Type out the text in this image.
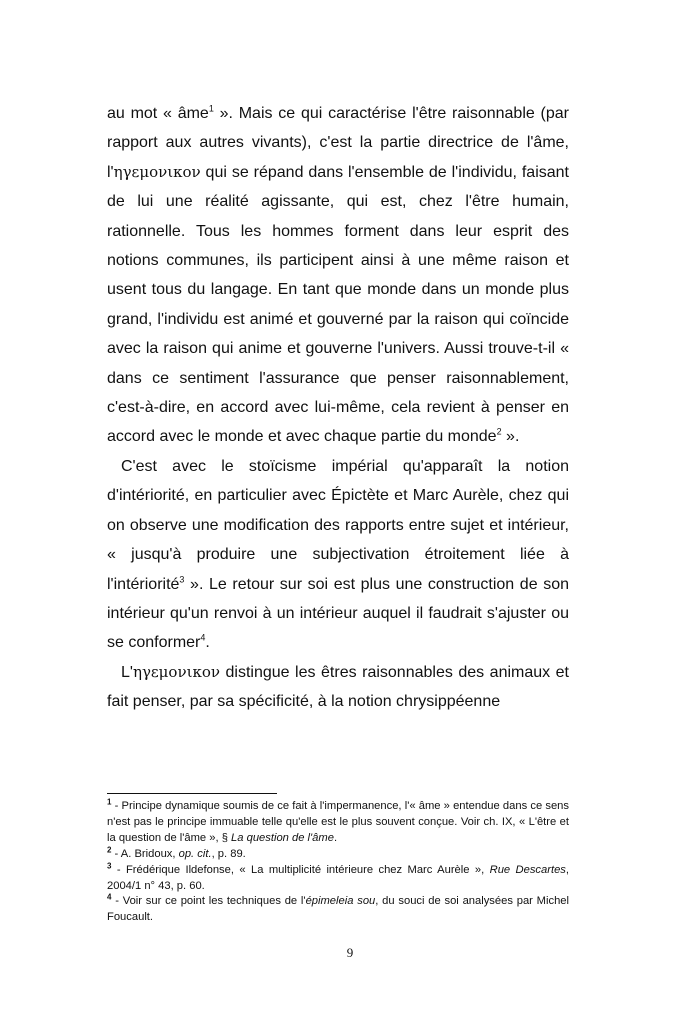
au mot « âme$^1$ ». Mais ce qui caractérise l'être raisonnable (par rapport aux autres vivants), c'est la partie directrice de l'âme, l'ηγεμονικον qui se répand dans l'ensemble de l'individu, faisant de lui une réalité agissante, qui est, chez l'être humain, rationnelle. Tous les hommes forment dans leur esprit des notions communes, ils participent ainsi à une même raison et usent tous du langage. En tant que monde dans un monde plus grand, l'individu est animé et gouverné par la raison qui coïncide avec la raison qui anime et gouverne l'univers. Aussi trouve-t-il « dans ce sentiment l'assurance que penser raisonnablement, c'est-à-dire, en accord avec lui-même, cela revient à penser en accord avec le monde et avec chaque partie du monde$^2$ ».

C'est avec le stoïcisme impérial qu'apparaît la notion d'intériorité, en particulier avec Épictète et Marc Aurèle, chez qui on observe une modification des rapports entre sujet et intérieur, « jusqu'à produire une subjectivation étroitement liée à l'intériorité$^3$ ». Le retour sur soi est plus une construction de son intérieur qu'un renvoi à un intérieur auquel il faudrait s'ajuster ou se conformer$^4$.

L'ηγεμονικον distingue les êtres raisonnables des animaux et fait penser, par sa spécificité, à la notion chrysippéenne

$^1$ - Principe dynamique soumis de ce fait à l'impermanence, l'« âme » entendue dans ce sens n'est pas le principe immuable telle qu'elle est le plus souvent conçue. Voir ch. IX, « L'être et la question de l'âme », § La question de l'âme.

$^2$ - A. Bridoux, op. cit., p. 89.

$^3$ - Frédérique Ildefonse, « La multiplicité intérieure chez Marc Aurèle », Rue Descartes, 2004/1 n° 43, p. 60.

$^4$ - Voir sur ce point les techniques de l'épimeleia sou, du souci de soi analysées par Michel Foucault.

9
